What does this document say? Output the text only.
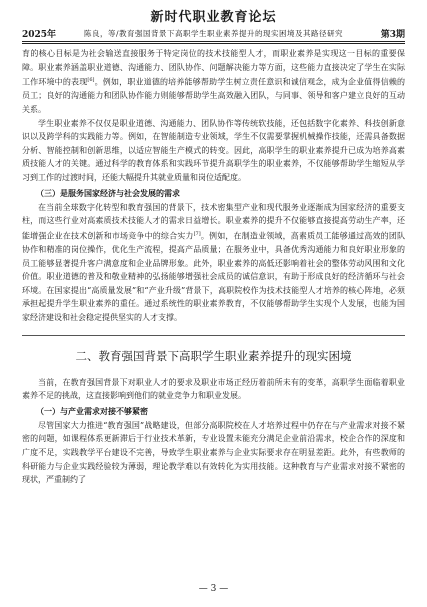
新时代职业教育论坛
2025年	陈良，等/教育强国背景下高职学生职业素养提升的现实困境及其路径研究	第3期

育的核心目标是为社会输送直接服务于特定岗位的技术技能型人才，而职业素养是实现这一目标的重要保障。职业素养涵盖职业道德、沟通能力、团队协作、问题解决能力等方面，这些能力直接决定了学生在实际工作环境中的表现[6]。例如，职业道德的培养能够帮助学生树立责任意识和诚信观念，成为企业值得信赖的员工；良好的沟通能力和团队协作能力则能够帮助学生高效融入团队，与同事、领导和客户建立良好的互动关系。

学生职业素养不仅仅是职业道德、沟通能力、团队协作等传统软技能，还包括数字化素养、科技创新意识以及跨学科的实践能力等。例如，在智能制造专业领域，学生不仅需要掌握机械操作技能，还需具备数据分析、智能控制和创新思维，以适应智能生产模式的转变。因此，高职学生的职业素养提升已成为培养高素质技能人才的关键。通过科学的教育体系和实践环节提升高职学生的职业素养，不仅能够帮助学生缩短从学习到工作的过渡时间，还能大幅提升其就业质量和岗位适配度。

（三）是服务国家经济与社会发展的需求

在当前全球数字化转型和教育强国的背景下，技术密集型产业和现代服务业逐渐成为国家经济的重要支柱，而这些行业对高素质技术技能人才的需求日益增长。职业素养的提升不仅能够直接提高劳动生产率，还能增强企业在技术创新和市场竞争中的综合实力[7]。例如，在制造业领域，高素质员工能够通过高效的团队协作和精准的岗位操作，优化生产流程，提高产品质量；在服务业中，具备优秀沟通能力和良好职业形象的员工能够显著提升客户满意度和企业品牌形象。此外，职业素养的高低还影响着社会的整体劳动风围和文化价值。职业道德的普及和敬业精神的弘扬能够增强社会成员的诚信意识，有助于形成良好的经济循环与社会环境。在国家提出“高质量发展”和“产业升级”背景下，高职院校作为技术技能型人才培养的核心阵地，必须承担起提升学生职业素养的重任。通过系统性的职业素养教育，不仅能够帮助学生实现个人发展，也能为国家经济建设和社会稳定提供坚实的人才支撑。

二、教育强国背景下高职学生职业素养提升的现实困境

当前，在教育强国背景下对职业人才的要求及职业市场正经历着前所未有的变革，高职学生面临着职业素养不足的挑战，这直接影响到他们的就业竞争力和职业发展。

（一）与产业需求对接不够紧密

尽管国家大力推进“教育强国”战略建设，但部分高职院校在人才培养过程中仍存在与产业需求对接不紧密的问题，如课程体系更新滞后于行业技术革新，专业设置未能充分满足企业前沿需求，校企合作的深度和广度不足，实践教学平台建设不完善，导致学生职业素养与企业实际要求存在明显差距。此外，有些教师的科研能力与企业实践经验较为薄弱，理论教学难以有效转化为实用技能。这种教育与产业需求对接不紧密的现状，严重制约了

— 3 —
